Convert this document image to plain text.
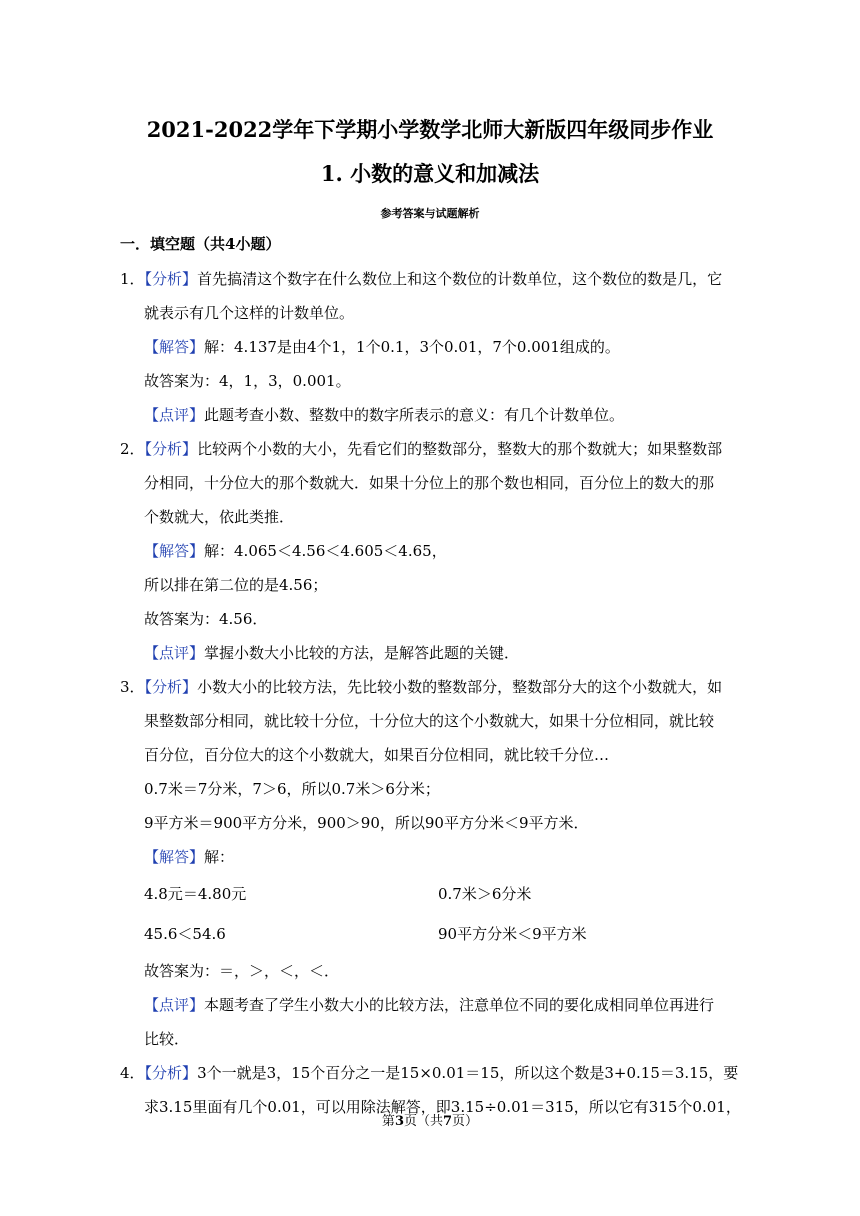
2021-2022学年下学期小学数学北师大新版四年级同步作业
1. 小数的意义和加减法
参考答案与试题解析
一．填空题（共4小题）
1．【分析】首先搞清这个数字在什么数位上和这个数位的计数单位，这个数位的数是几，它
就表示有几个这样的计数单位。
【解答】解：4.137是由4个1，1个0.1，3个0.01，7个0.001组成的。
故答案为：4，1，3，0.001。
【点评】此题考查小数、整数中的数字所表示的意义：有几个计数单位。
2．【分析】比较两个小数的大小，先看它们的整数部分，整数大的那个数就大；如果整数部
分相同，十分位大的那个数就大．如果十分位上的那个数也相同，百分位上的数大的那
个数就大，依此类推．
【解答】解：4.065＜4.56＜4.605＜4.65，
所以排在第二位的是4.56；
故答案为：4.56．
【点评】掌握小数大小比较的方法，是解答此题的关键．
3．【分析】小数大小的比较方法，先比较小数的整数部分，整数部分大的这个小数就大，如
果整数部分相同，就比较十分位，十分位大的这个小数就大，如果十分位相同，就比较
百分位，百分位大的这个小数就大，如果百分位相同，就比较千分位…
0.7米＝7分米，7＞6，所以0.7米＞6分米；
9平方米＝900平方分米，900＞90，所以90平方分米＜9平方米．
【解答】解：
4.8元＝4.80元	0.7米＞6分米
45.6＜54.6	90平方分米＜9平方米
故答案为：＝，＞，＜，＜．
【点评】本题考查了学生小数大小的比较方法，注意单位不同的要化成相同单位再进行
比较．
4．【分析】3个一就是3，15个百分之一是15×0.01＝15，所以这个数是3+0.15＝3.15，要
求3.15里面有几个0.01，可以用除法解答，即3.15÷0.01＝315，所以它有315个0.01，
第3页（共7页）
